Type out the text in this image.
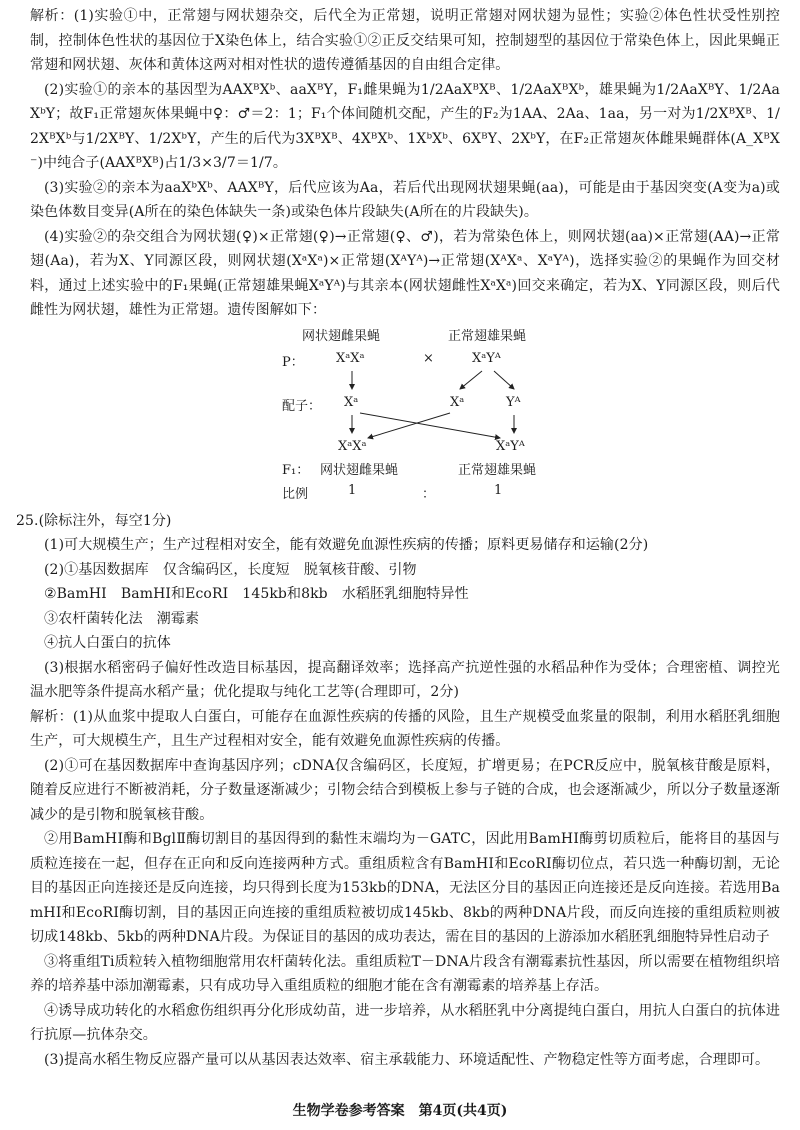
解析：(1)实验①中，正常翅与网状翅杂交，后代全为正常翅，说明正常翅对网状翅为显性；实验②体色性状受性别控制，控制体色性状的基因位于X染色体上，结合实验①②正反交结果可知，控制翅型的基因位于常染色体上，因此果蝇正常翅和网状翅、灰体和黄体这两对相对性状的遗传遵循基因的自由组合定律。

(2)实验①的亲本的基因型为AAXᴮXᵇ、aaXᴮY，F₁雌果蝇为1/2AaXᴮXᴮ、1/2AaXᴮXᵇ，雄果蝇为1/2AaXᴮY、1/2AaXᵇY；故F₁正常翅灰体果蝇中♀：♂＝2：1；F₁个体间随机交配，产生的F₂为1AA、2Aa、1aa，另一对为1/2XᴮXᴮ、1/2XᴮXᵇ与1/2XᴮY、1/2XᵇY，产生的后代为3XᴮXᴮ、4XᴮXᵇ、1XᵇXᵇ、6XᴮY、2XᵇY，在F₂正常翅灰体雌果蝇群体(A_XᴮX⁻)中纯合子(AAXᴮXᴮ)占1/3×3/7＝1/7。

(3)实验②的亲本为aaXᵇXᵇ、AAXᴮY，后代应该为Aa，若后代出现网状翅果蝇(aa)，可能是由于基因突变(A变为a)或染色体数目变异(A所在的染色体缺失一条)或染色体片段缺失(A所在的片段缺失)。

(4)实验②的杂交组合为网状翅(♀)×正常翅(♀)→正常翅(♀、♂)，若为常染色体上，则网状翅(aa)×正常翅(AA)→正常翅(Aa)，若为X、Y同源区段，则网状翅(XᵃXᵃ)×正常翅(XᴬYᴬ)→正常翅(XᴬXᵃ、XᵃYᴬ)，选择实验②的果蝇作为回交材料，通过上述实验中的F₁果蝇(正常翅雄果蝇XᵃYᴬ)与其亲本(网状翅雌性XᵃXᵃ)回交来确定，若为X、Y同源区段，则后代雌性为网状翅，雄性为正常翅。遗传图解如下：

网状翅雌果蝇	正常翅雄果蝇
P： XᵃXᵃ	×	XᵃYᴬ
配子： Xᵃ	Xᵃ	Yᴬ
XᵃXᵃ	XᵃYᴬ
F₁： 网状翅雌果蝇	正常翅雄果蝇
比例	1	：	1

25.(除标注外，每空1分)

(1)可大规模生产；生产过程相对安全，能有效避免血源性疾病的传播；原料更易储存和运输(2分)

(2)①基因数据库　仅含编码区，长度短　脱氧核苷酸、引物

②BamHⅠ　BamHⅠ和EcoRⅠ　145kb和8kb　水稻胚乳细胞特异性

③农杆菌转化法　潮霉素

④抗人白蛋白的抗体

(3)根据水稻密码子偏好性改造目标基因，提高翻译效率；选择高产抗逆性强的水稻品种作为受体；合理密植、调控光温水肥等条件提高水稻产量；优化提取与纯化工艺等(合理即可，2分)

解析：(1)从血浆中提取人白蛋白，可能存在血源性疾病的传播的风险，且生产规模受血浆量的限制，利用水稻胚乳细胞生产，可大规模生产，且生产过程相对安全，能有效避免血源性疾病的传播。

(2)①可在基因数据库中查询基因序列；cDNA仅含编码区，长度短，扩增更易；在PCR反应中，脱氧核苷酸是原料，随着反应进行不断被消耗，分子数量逐渐减少；引物会结合到模板上参与子链的合成，也会逐渐减少，所以分子数量逐渐减少的是引物和脱氧核苷酸。

②用BamHⅠ酶和BglⅡ酶切割目的基因得到的黏性末端均为－GATC，因此用BamHⅠ酶剪切质粒后，能将目的基因与质粒连接在一起，但存在正向和反向连接两种方式。重组质粒含有BamHⅠ和EcoRⅠ酶切位点，若只选一种酶切割，无论目的基因正向连接还是反向连接，均只得到长度为153kb的DNA，无法区分目的基因正向连接还是反向连接。若选用BamHⅠ和EcoRⅠ酶切割，目的基因正向连接的重组质粒被切成145kb、8kb的两种DNA片段，而反向连接的重组质粒则被切成148kb、5kb的两种DNA片段。为保证目的基因的成功表达，需在目的基因的上游添加水稻胚乳细胞特异性启动子

③将重组Ti质粒转入植物细胞常用农杆菌转化法。重组质粒T－DNA片段含有潮霉素抗性基因，所以需要在植物组织培养的培养基中添加潮霉素，只有成功导入重组质粒的细胞才能在含有潮霉素的培养基上存活。

④诱导成功转化的水稻愈伤组织再分化形成幼苗，进一步培养，从水稻胚乳中分离提纯白蛋白，用抗人白蛋白的抗体进行抗原—抗体杂交。

(3)提高水稻生物反应器产量可以从基因表达效率、宿主承载能力、环境适配性、产物稳定性等方面考虑，合理即可。

生物学卷参考答案　第4页(共4页)
